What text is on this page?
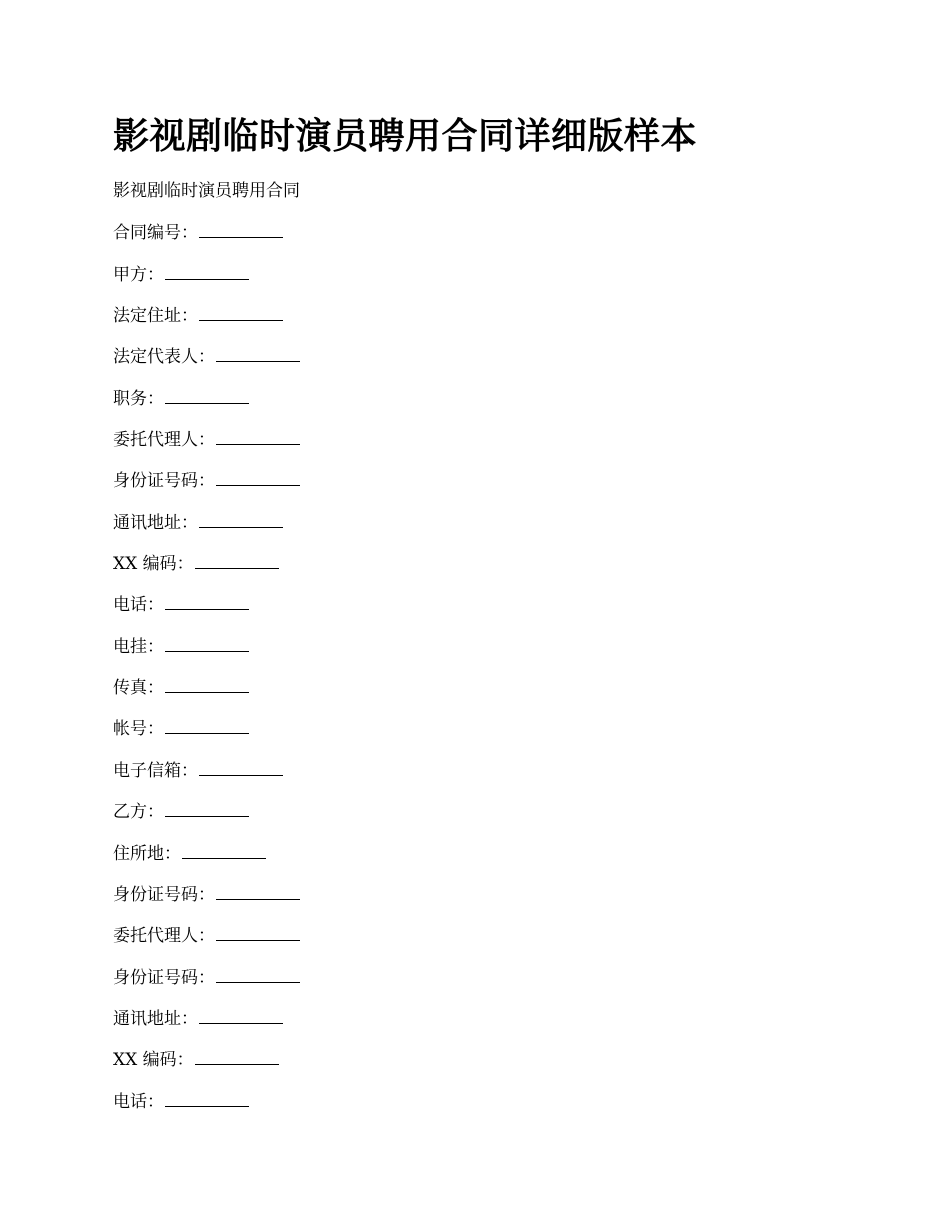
影视剧临时演员聘用合同详细版样本
影视剧临时演员聘用合同
合同编号：
甲方：
法定住址：
法定代表人：
职务：
委托代理人：
身份证号码：
通讯地址：
XX 编码：
电话：
电挂：
传真：
帐号：
电子信箱：
乙方：
住所地：
身份证号码：
委托代理人：
身份证号码：
通讯地址：
XX 编码：
电话：
